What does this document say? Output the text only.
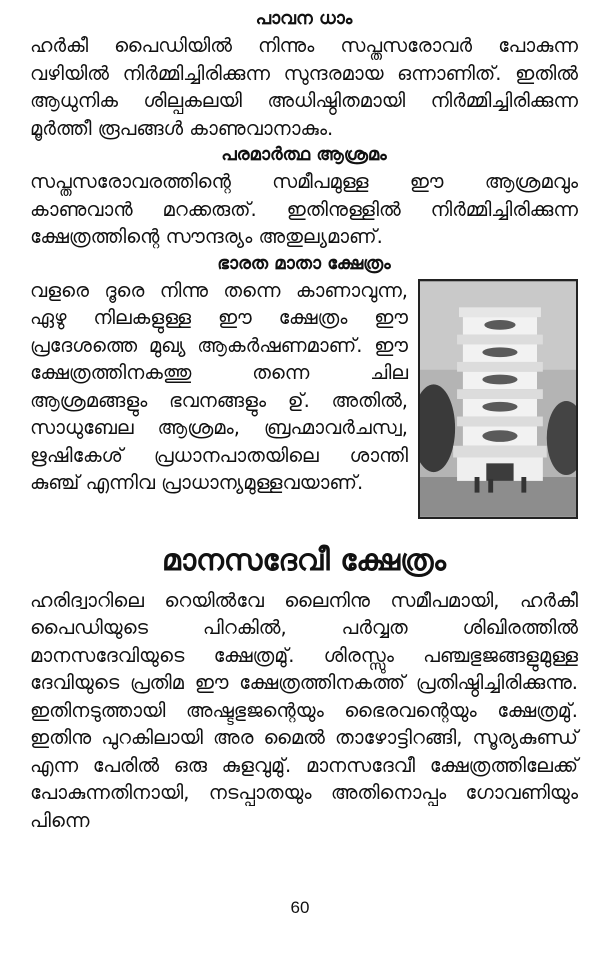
പാവന ധാം

ഹർകീ പൈഡിയിൽ നിന്നും സപ്തസരോവർ പോകുന്ന വഴിയിൽ നിർമ്മിച്ചിരിക്കുന്ന സുന്ദരമായ ഒന്നാണിത്. ഇതിൽ ആധുനിക ശില്പകലയി അധിഷ്ഠിതമായി നിർമ്മിച്ചിരിക്കുന്ന മൂർത്തീ രൂപങ്ങൾ കാണുവാനാകും.

പരമാർത്ഥ ആശ്രമം

സപ്തസരോവരത്തിന്റെ സമീപമുള്ള ഈ ആശ്രമവും കാണുവാൻ മറക്കരുത്. ഇതിനുള്ളിൽ നിർമ്മിച്ചിരിക്കുന്ന ക്ഷേത്രത്തിന്റെ സൗന്ദര്യം അതുല്യമാണ്.

ഭാരത മാതാ ക്ഷേത്രം

വളരെ ദൂരെ നിന്നു തന്നെ കാണാവുന്ന, ഏഴു നിലകളുള്ള ഈ ക്ഷേത്രം ഈ പ്രദേശത്തെ മുഖ്യ ആകർഷണമാണ്. ഈ ക്ഷേത്രത്തിനകത്തു തന്നെ ചില ആശ്രമങ്ങളും ഭവനങ്ങളും ഉ്. അതിൽ, സാധുബേല ആശ്രമം, ബ്രഹ്മാവർചസ്വ, ഋഷികേശ് പ്രധാനപാതയിലെ ശാന്തി കുഞ്ച് എന്നിവ പ്രാധാന്യമുള്ളവയാണ്.

മാനസദേവീ ക്ഷേത്രം

ഹരിദ്വാറിലെ റെയിൽവേ ലൈനിനു സമീപമായി, ഹർകീ പൈഡിയുടെ പിറകിൽ, പർവ്വത ശിഖിരത്തിൽ മാനസദേവിയുടെ ക്ഷേത്രമു്. ശിരസ്സും പഞ്ചഭുജങ്ങളുമുള്ള ദേവിയുടെ പ്രതിമ ഈ ക്ഷേത്രത്തിനകത്ത് പ്രതിഷ്ഠിച്ചിരിക്കുന്നു. ഇതിനടുത്തായി അഷ്ടഭുജന്റെയും ഭൈരവന്റെയും ക്ഷേത്രമു്. ഇതിനു പുറകിലായി അര മൈൽ താഴോട്ടിറങ്ങി, സൂര്യകുണ്ഡ് എന്ന പേരിൽ ഒരു കുളവുമു്. മാനസദേവീ ക്ഷേത്രത്തിലേക്ക് പോകുന്നതിനായി, നടപ്പാതയും അതിനൊപ്പം ഗോവണിയും പിന്നെ

60
